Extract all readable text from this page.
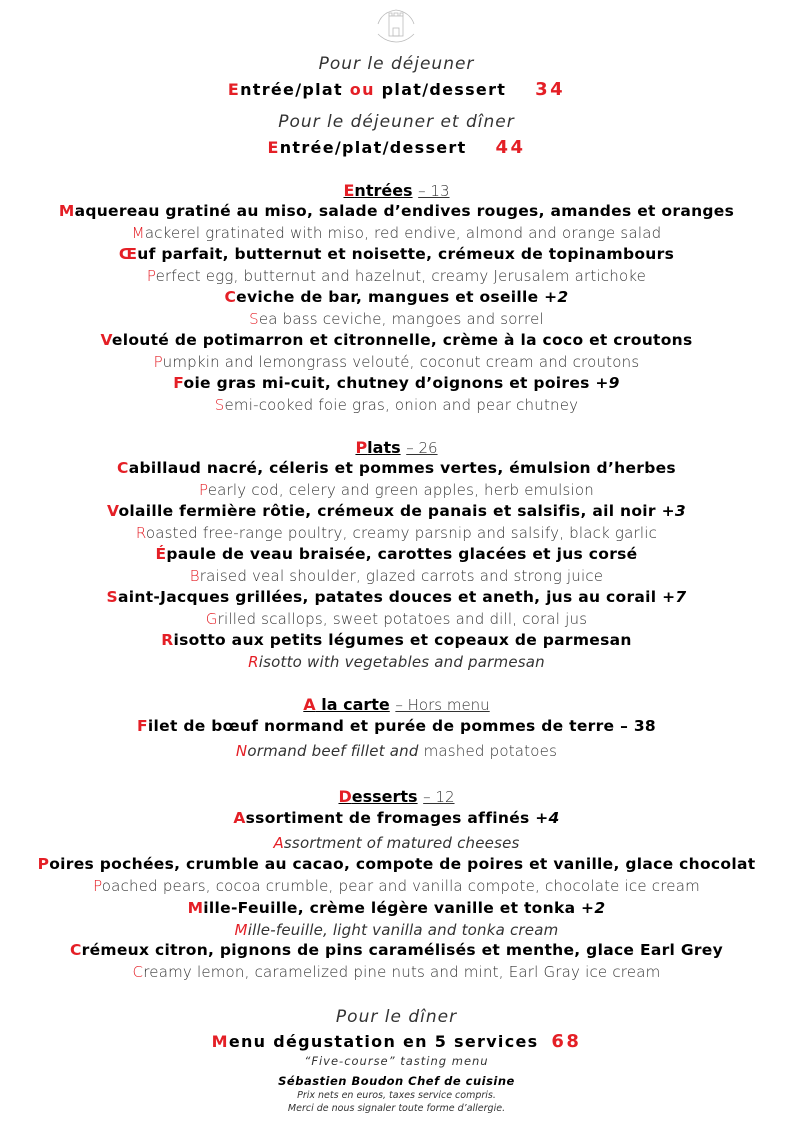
Pour le déjeuner
Entrée/plat ou plat/dessert 34
Pour le déjeuner et dîner
Entrée/plat/dessert 44
Entrées – 13
Maquereau gratiné au miso, salade d’endives rouges, amandes et oranges
Mackerel gratinated with miso, red endive, almond and orange salad
Œuf parfait, butternut et noisette, crémeux de topinambours
Perfect egg, butternut and hazelnut, creamy Jerusalem artichoke
Ceviche de bar, mangues et oseille +2
Sea bass ceviche, mangoes and sorrel
Velouté de potimarron et citronnelle, crème à la coco et croutons
Pumpkin and lemongrass velouté, coconut cream and croutons
Foie gras mi-cuit, chutney d’oignons et poires +9
Semi-cooked foie gras, onion and pear chutney
Plats – 26
Cabillaud nacré, céleris et pommes vertes, émulsion d’herbes
Pearly cod, celery and green apples, herb emulsion
Volaille fermière rôtie, crémeux de panais et salsifis, ail noir +3
Roasted free-range poultry, creamy parsnip and salsify, black garlic
Épaule de veau braisée, carottes glacées et jus corsé
Braised veal shoulder, glazed carrots and strong juice
Saint-Jacques grillées, patates douces et aneth, jus au corail +7
Grilled scallops, sweet potatoes and dill, coral jus
Risotto aux petits légumes et copeaux de parmesan
Risotto with vegetables and parmesan
A la carte – Hors menu
Filet de bœuf normand et purée de pommes de terre – 38
Normand beef fillet and mashed potatoes
Desserts – 12
Assortiment de fromages affinés +4
Assortment of matured cheeses
Poires pochées, crumble au cacao, compote de poires et vanille, glace chocolat
Poached pears, cocoa crumble, pear and vanilla compote, chocolate ice cream
Mille-Feuille, crème légère vanille et tonka +2
Mille-feuille, light vanilla and tonka cream
Crémeux citron, pignons de pins caramélisés et menthe, glace Earl Grey
Creamy lemon, caramelized pine nuts and mint, Earl Gray ice cream
Pour le dîner
Menu dégustation en 5 services 68
“Five-course” tasting menu
Sébastien Boudon Chef de cuisine
Prix nets en euros, taxes service compris.
Merci de nous signaler toute forme d’allergie.
